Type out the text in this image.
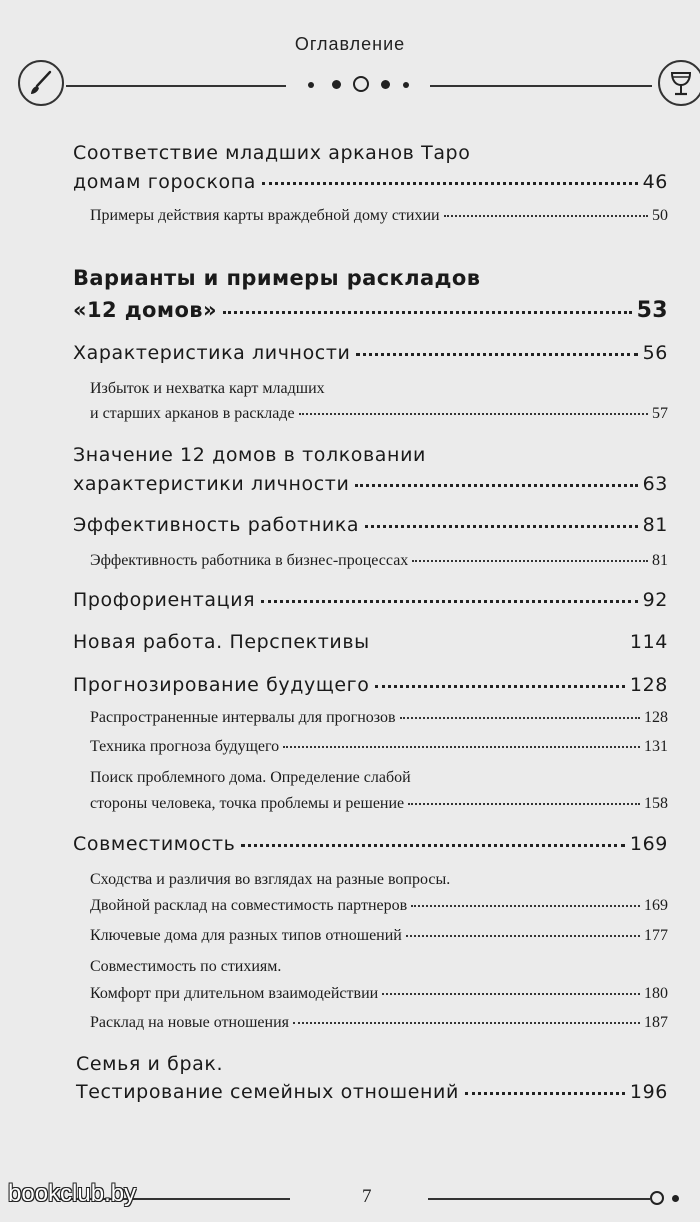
Оглавление
Соответствие младших арканов Таро
домам гороскопа	46
Примеры действия карты враждебной дому стихии	50
Варианты и примеры раскладов
«12 домов»	53
Характеристика личности	56
Избыток и нехватка карт младших
и старших арканов в раскладе	57
Значение 12 домов в толковании
характеристики личности	63
Эффективность работника	81
Эффективность работника в бизнес-процессах	81
Профориентация	92
Новая работа. Перспективы	114
Прогнозирование будущего	128
Распространенные интервалы для прогнозов	128
Техника прогноза будущего	131
Поиск проблемного дома. Определение слабой
стороны человека, точка проблемы и решение	158
Совместимость	169
Сходства и различия во взглядах на разные вопросы.
Двойной расклад на совместимость партнеров	169
Ключевые дома для разных типов отношений	177
Совместимость по стихиям.
Комфорт при длительном взаимодействии	180
Расклад на новые отношения	187
Семья и брак.
Тестирование семейных отношений	196
7
bookclub.by
